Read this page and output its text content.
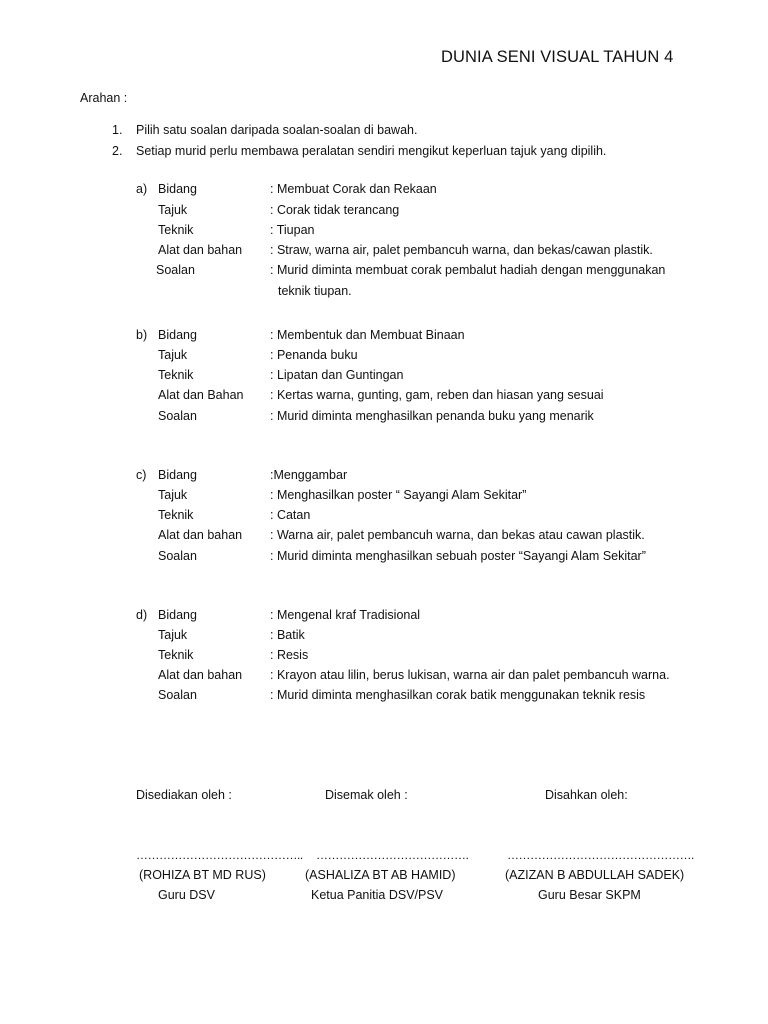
DUNIA SENI VISUAL TAHUN 4
Arahan :
1. Pilih satu soalan daripada soalan-soalan di bawah.
2. Setiap murid perlu membawa peralatan sendiri mengikut keperluan tajuk yang dipilih.
a) Bidang	: Membuat Corak dan Rekaan
Tajuk	: Corak tidak terancang
Teknik	: Tiupan
Alat dan bahan : Straw, warna air, palet pembancuh warna, dan bekas/cawan plastik.
Soalan	: Murid diminta membuat corak pembalut hadiah dengan menggunakan
teknik tiupan.
b) Bidang	: Membentuk dan Membuat Binaan
Tajuk	: Penanda buku
Teknik	: Lipatan dan Guntingan
Alat dan Bahan : Kertas warna, gunting, gam, reben dan hiasan yang sesuai
Soalan	: Murid diminta menghasilkan penanda buku yang menarik
c) Bidang	:Menggambar
Tajuk	: Menghasilkan poster “ Sayangi Alam Sekitar”
Teknik	: Catan
Alat dan bahan : Warna air, palet pembancuh warna, dan bekas atau cawan plastik.
Soalan	: Murid diminta menghasilkan sebuah poster “Sayangi Alam Sekitar”
d) Bidang	: Mengenal kraf Tradisional
Tajuk	: Batik
Teknik	: Resis
Alat dan bahan : Krayon atau lilin, berus lukisan, warna air dan palet pembancuh warna.
Soalan	: Murid diminta menghasilkan corak batik menggunakan teknik resis
Disediakan oleh :	Disemak oleh :	Disahkan oleh:
…………………………………….. ………………………………….	………………………………………….
(ROHIZA BT MD RUS)	(ASHALIZA BT AB HAMID)	(AZIZAN B ABDULLAH SADEK)
Guru DSV	Ketua Panitia DSV/PSV	Guru Besar SKPM
